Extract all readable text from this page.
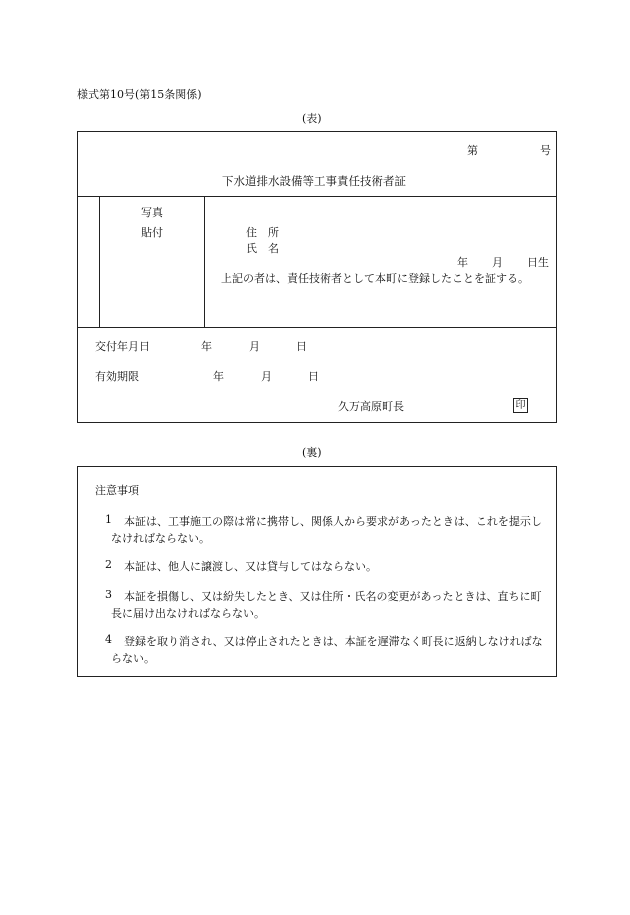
様式第10号(第15条関係)
(表)
第	号
下水道排水設備等工事責任技術者証
写真
貼付	住　所
氏　名
年 月 日生
上記の者は、責任技術者として本町に登録したことを証する。
交付年月日	年	月	日
有効期限	年	月	日
久万高原町長	印
(裏)
注意事項
1	本証は、工事施工の際は常に携帯し、関係人から要求があったときは、これを提示しなければならない。
2	本証は、他人に譲渡し、又は貸与してはならない。
3	本証を損傷し、又は紛失したとき、又は住所・氏名の変更があったときは、直ちに町長に届け出なければならない。
4	登録を取り消され、又は停止されたときは、本証を遅滞なく町長に返納しなければならない。
